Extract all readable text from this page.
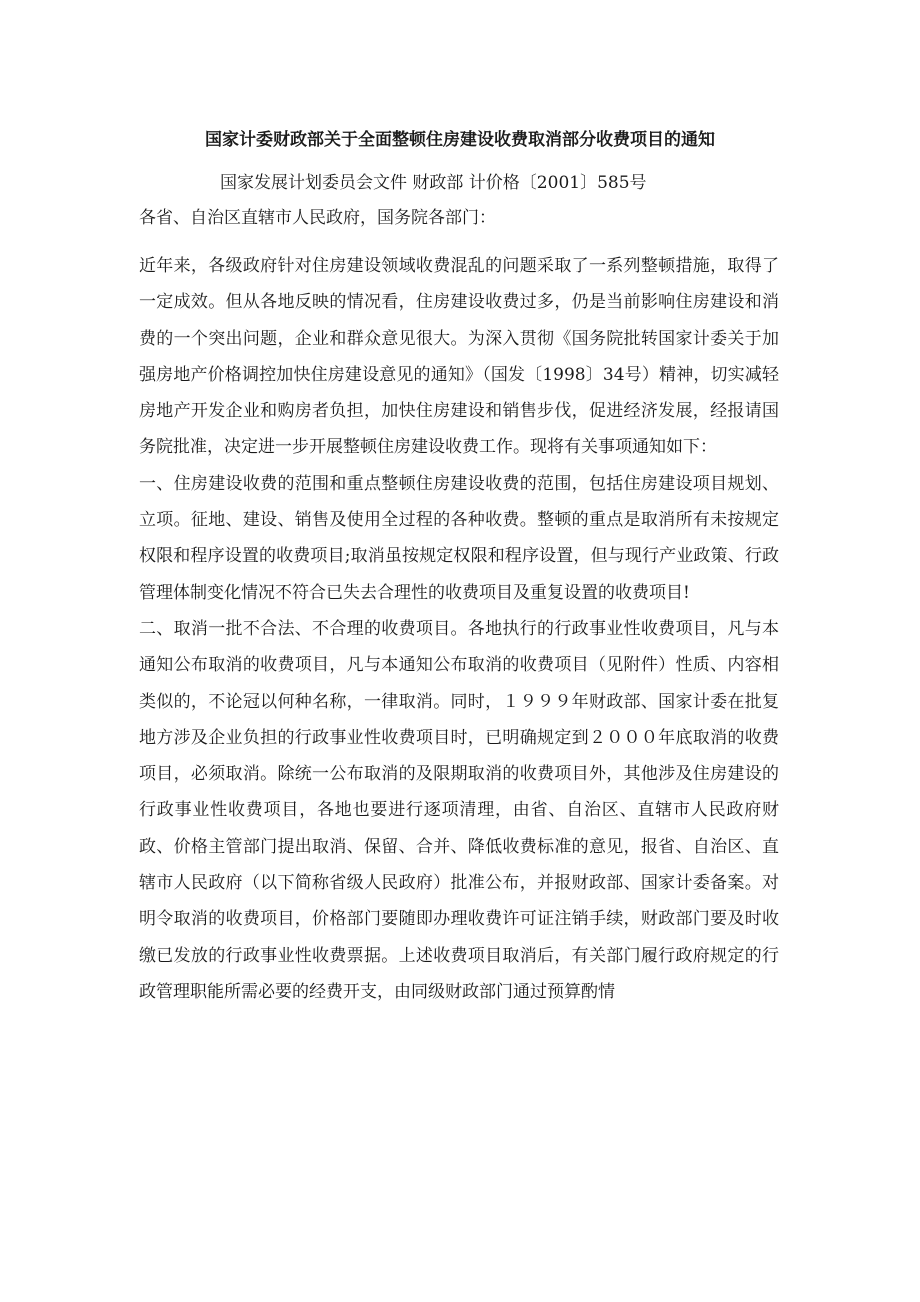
国家计委财政部关于全面整顿住房建设收费取消部分收费项目的通知
国家发展计划委员会文件 财政部 计价格〔2001〕585号
各省、自治区直辖市人民政府，国务院各部门：

近年来，各级政府针对住房建设领域收费混乱的问题采取了一系列整顿措施，取得了一定成效。但从各地反映的情况看，住房建设收费过多，仍是当前影响住房建设和消费的一个突出问题，企业和群众意见很大。为深入贯彻《国务院批转国家计委关于加强房地产价格调控加快住房建设意见的通知》（国发〔1998〕34号）精神，切实减轻房地产开发企业和购房者负担，加快住房建设和销售步伐，促进经济发展，经报请国务院批准，决定进一步开展整顿住房建设收费工作。现将有关事项通知如下：

一、住房建设收费的范围和重点整顿住房建设收费的范围，包括住房建设项目规划、立项。征地、建设、销售及使用全过程的各种收费。整顿的重点是取消所有未按规定权限和程序设置的收费项目;取消虽按规定权限和程序设置，但与现行产业政策、行政管理体制变化情况不符合已失去合理性的收费项目及重复设置的收费项目!

二、取消一批不合法、不合理的收费项目。各地执行的行政事业性收费项目，凡与本通知公布取消的收费项目，凡与本通知公布取消的收费项目（见附件）性质、内容相类似的，不论冠以何种名称，一律取消。同时，１９９９年财政部、国家计委在批复地方涉及企业负担的行政事业性收费项目时，已明确规定到２０００年底取消的收费项目，必须取消。除统一公布取消的及限期取消的收费项目外，其他涉及住房建设的行政事业性收费项目，各地也要进行逐项清理，由省、自治区、直辖市人民政府财政、价格主管部门提出取消、保留、合并、降低收费标准的意见，报省、自治区、直辖市人民政府（以下简称省级人民政府）批准公布，并报财政部、国家计委备案。对明令取消的收费项目，价格部门要随即办理收费许可证注销手续，财政部门要及时收缴已发放的行政事业性收费票据。上述收费项目取消后，有关部门履行政府规定的行政管理职能所需必要的经费开支，由同级财政部门通过预算酌情
